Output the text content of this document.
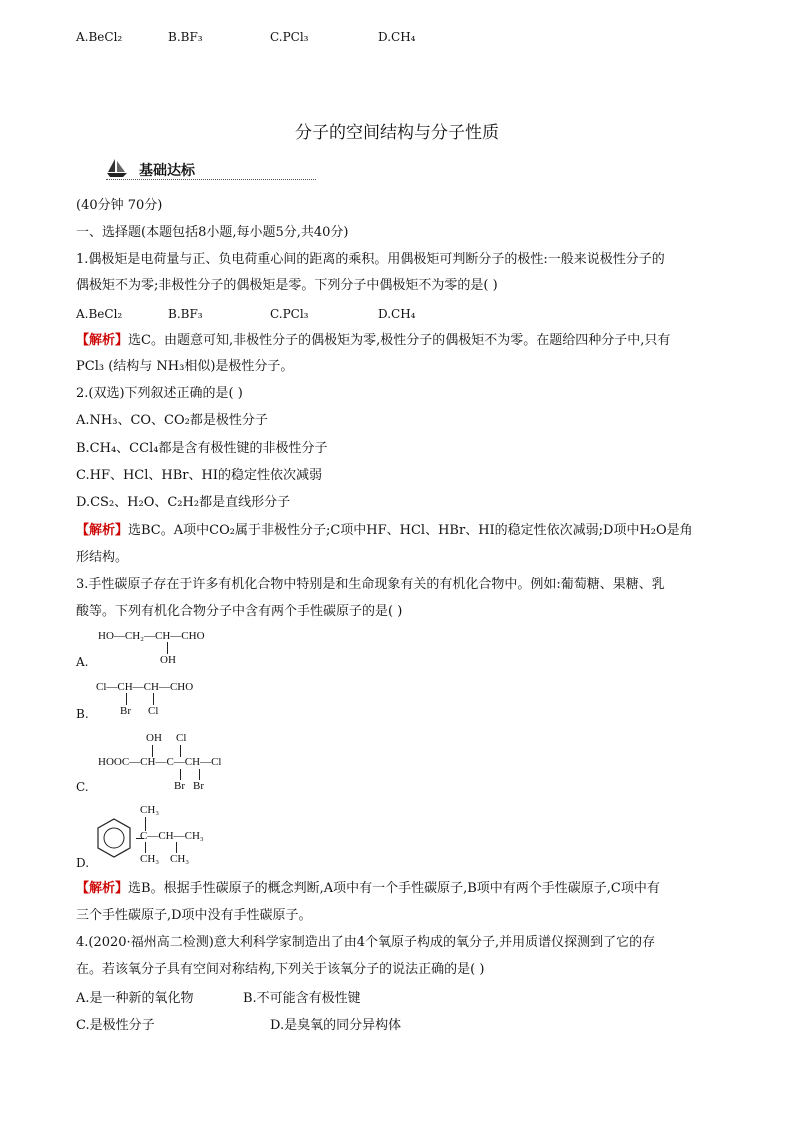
A.BeCl₂	B.BF₃	C.PCl₃	D.CH₄
分子的空间结构与分子性质
基础达标
(40分钟 70分)
一、选择题(本题包括8小题,每小题5分,共40分)
1.偶极矩是电荷量与正、负电荷重心间的距离的乘积。用偶极矩可判断分子的极性:一般来说极性分子的
偶极矩不为零;非极性分子的偶极矩是零。下列分子中偶极矩不为零的是( )
A.BeCl₂	B.BF₃	C.PCl₃	D.CH₄
【解析】选C。由题意可知,非极性分子的偶极矩为零,极性分子的偶极矩不为零。在题给四种分子中,只有
PCl₃ (结构与 NH₃相似)是极性分子。
2.(双选)下列叙述正确的是( )
A.NH₃、CO、CO₂都是极性分子
B.CH₄、CCl₄都是含有极性键的非极性分子
C.HF、HCl、HBr、HI的稳定性依次减弱
D.CS₂、H₂O、C₂H₂都是直线形分子
【解析】选BC。A项中CO₂属于非极性分子;C项中HF、HCl、HBr、HI的稳定性依次减弱;D项中H₂O是角
形结构。
3.手性碳原子存在于许多有机化合物中特别是和生命现象有关的有机化合物中。例如:葡萄糖、果糖、乳
酸等。下列有机化合物分子中含有两个手性碳原子的是( )
A.
HO—CH₂—CH—CHO
OH
B.
Cl—CH—CH—CHO
Br Cl
C.
OH Cl
HOOC—CH—C—CH—Cl
Br Br
D.
CH₃
C—CH—CH₃
CH₃ CH₃
【解析】选B。根据手性碳原子的概念判断,A项中有一个手性碳原子,B项中有两个手性碳原子,C项中有
三个手性碳原子,D项中没有手性碳原子。
4.(2020·福州高二检测)意大利科学家制造出了由4个氧原子构成的氧分子,并用质谱仪探测到了它的存
在。若该氧分子具有空间对称结构,下列关于该氧分子的说法正确的是( )
A.是一种新的氧化物	B.不可能含有极性键
C.是极性分子	D.是臭氧的同分异构体
